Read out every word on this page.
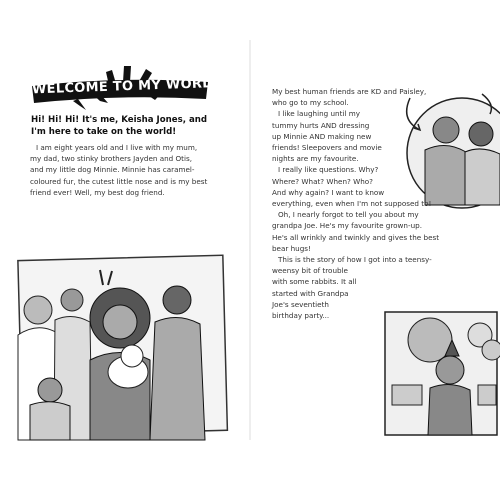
WELCOME TO MY WORLD!
Hi! Hi! Hi! It's me, Keisha Jones, and
I'm here to take on the world!
I am eight years old and I live with my mum,
my dad, two stinky brothers Jayden and Otis,
and my little dog Minnie. Minnie has caramel-
coloured fur, the cutest little nose and is my best
friend ever! Well, my best dog friend.
My best human friends are KD and Paisley,
who go to my school.
I like laughing until my
tummy hurts AND dressing
up Minnie AND making new
friends! Sleepovers and movie
nights are my favourite.
I really like questions. Why?
Where? What? When? Who?
And why again? I want to know
everything, even when I'm not supposed to!
Oh, I nearly forgot to tell you about my
grandpa Joe. He's my favourite grown-up.
He's all wrinkly and twinkly and gives the best
bear hugs!
This is the story of how I got into a teensy-
weensy bit of trouble
with some rabbits. It all
started with Grandpa
Joe's seventieth
birthday party...
